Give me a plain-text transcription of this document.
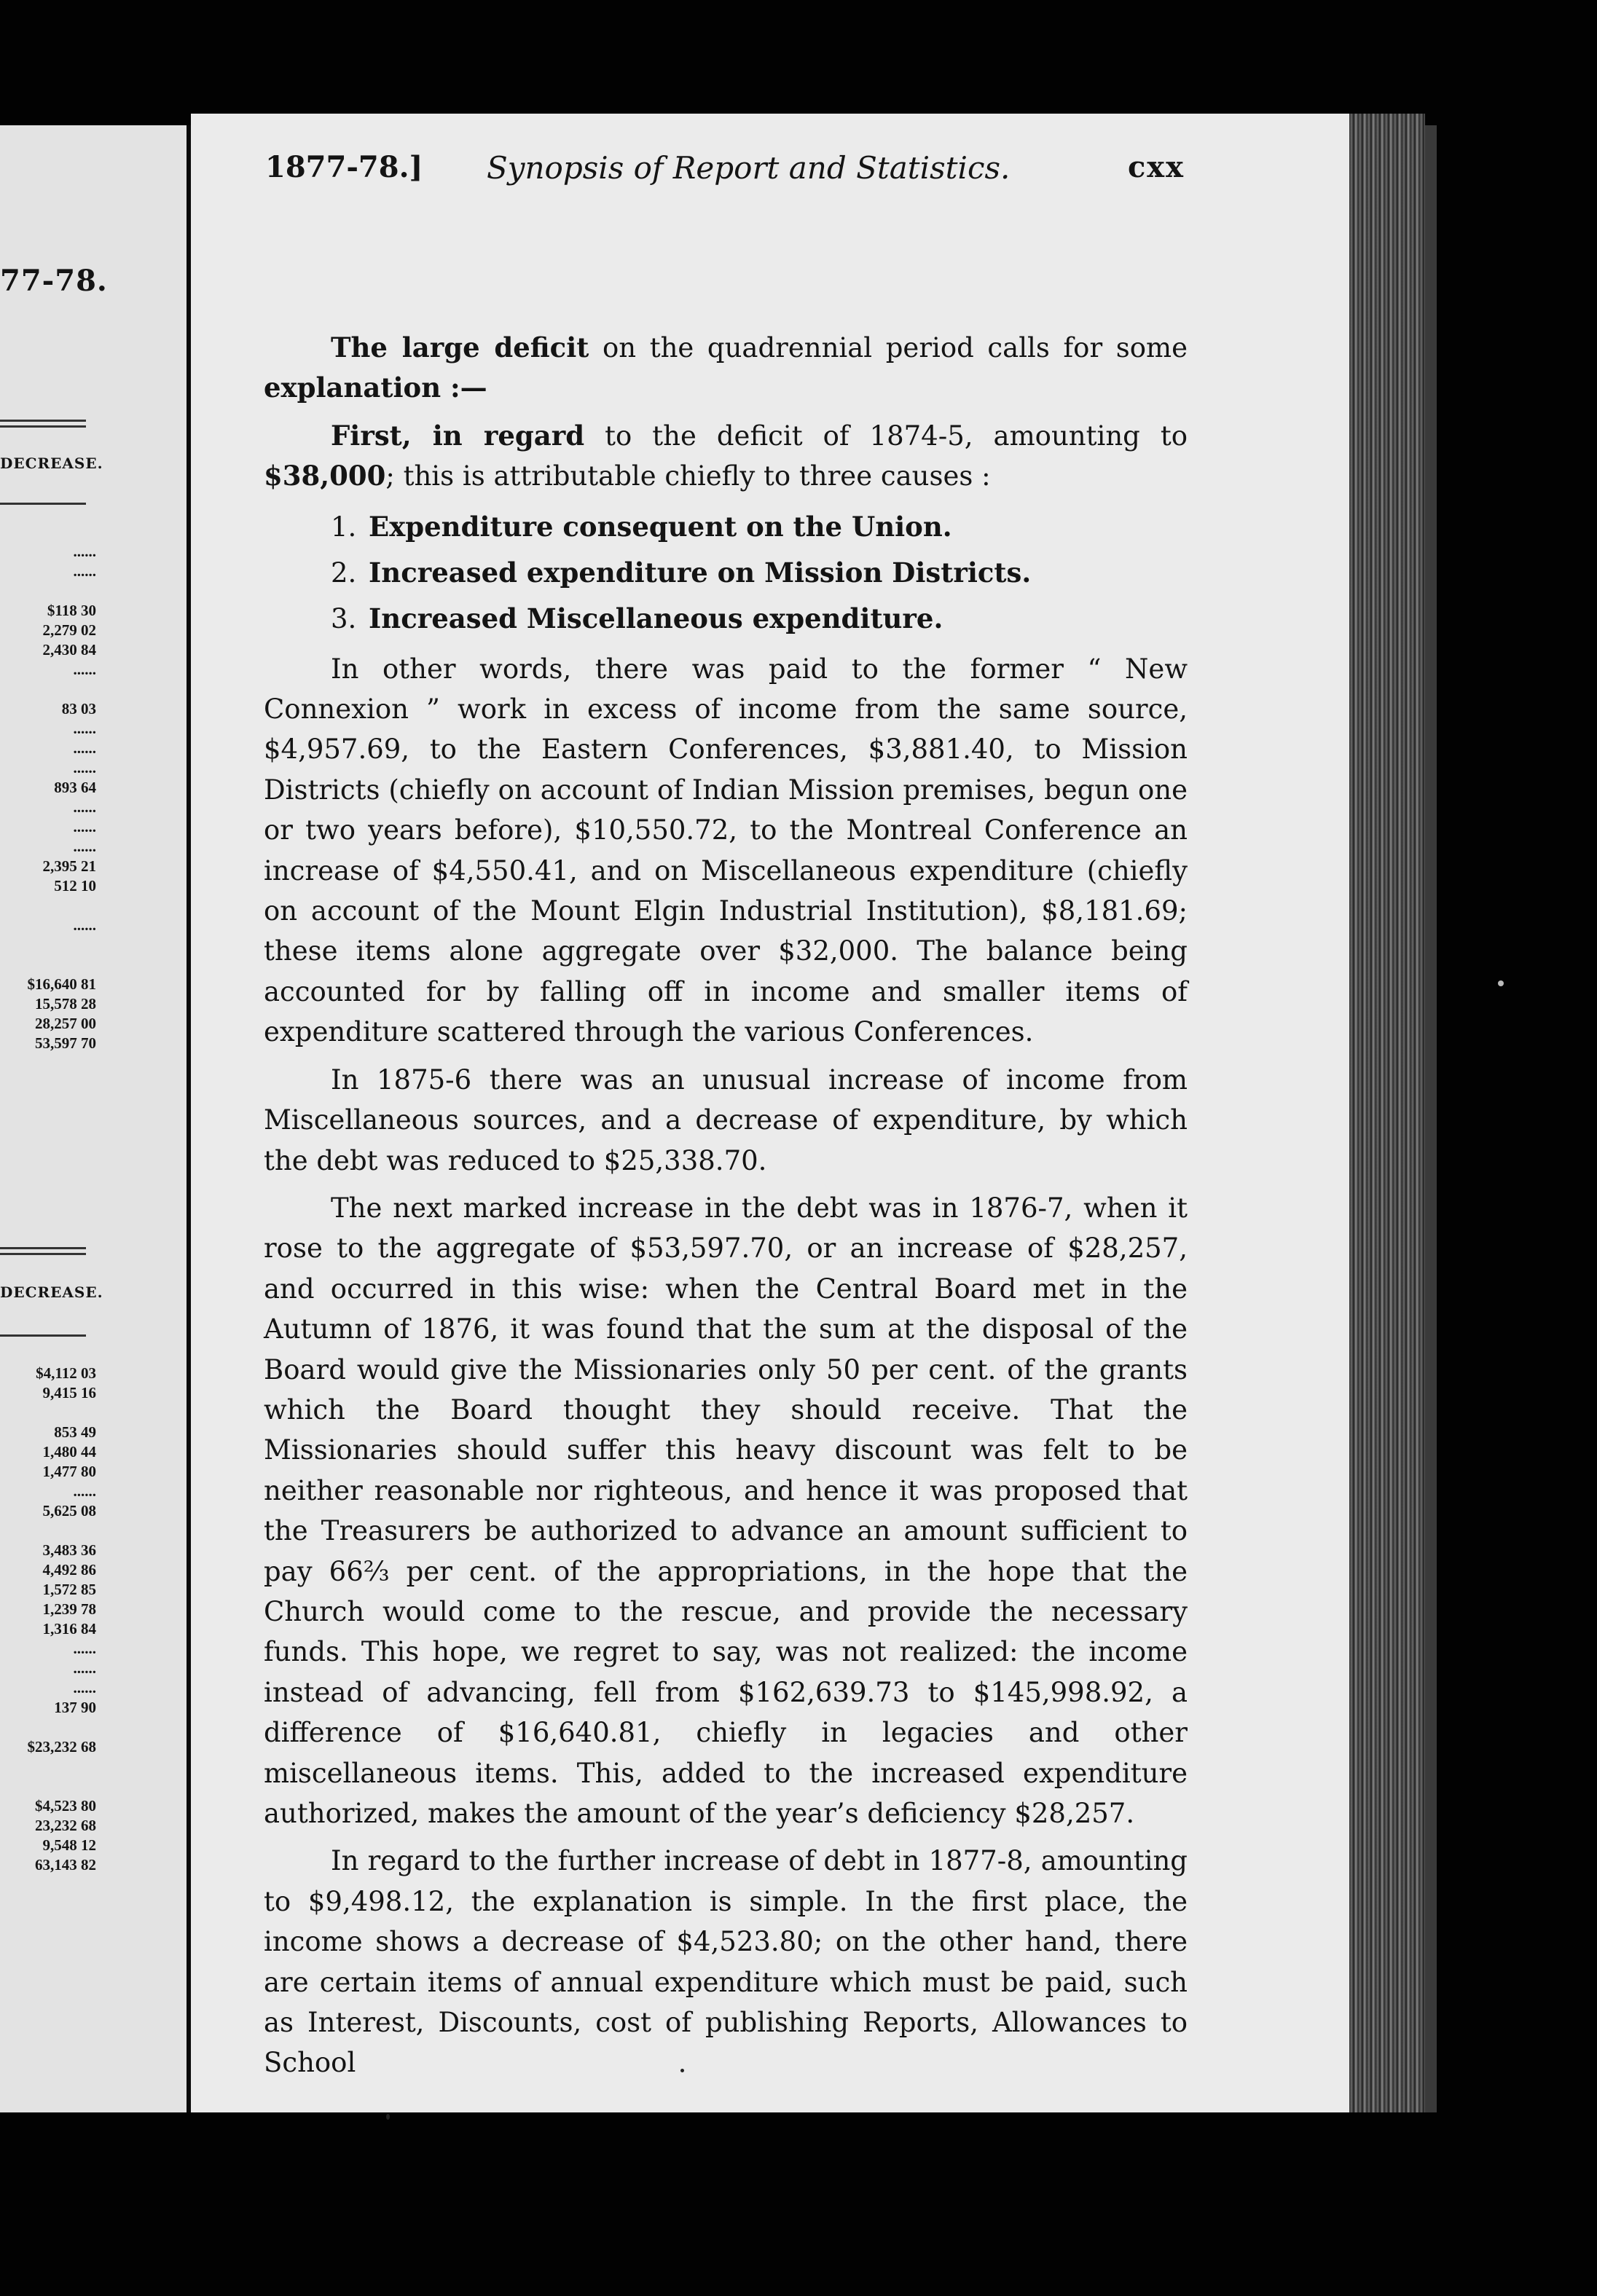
77-78.
DECREASE.
......
......

$118 30
2,279 02
2,430 84
......

83 03
......
......
......
893 64
......
......
......
2,395 21
512 10

......

$16,640 81
15,578 28
28,257 00
53,597 70
DECREASE.
$4,112 03
9,415 16

853 49
1,480 44
1,477 80
......
5,625 08

3,483 36
4,492 86
1,572 85
1,239 78
1,316 84
......
......
......
137 90

$23,232 68

$4,523 80
23,232 68
9,548 12
63,143 82
1877-78.] Synopsis of Report and Statistics.	cxx

The large deficit on the quadrennial period calls for some explanation :—

First, in regard to the deficit of 1874-5, amounting to $38,000; this is attributable chiefly to three causes :

1. Expenditure consequent on the Union.
2. Increased expenditure on Mission Districts.
3. Increased Miscellaneous expenditure.

In other words, there was paid to the former “ New Connexion ” work in excess of income from the same source, $4,957.69, to the Eastern Conferences, $3,881.40, to Mission Districts (chiefly on account of Indian Mission premises, begun one or two years before), $10,550.72, to the Montreal Conference an increase of $4,550.41, and on Miscellaneous expenditure (chiefly on account of the Mount Elgin Industrial Institution), $8,181.69; these items alone aggregate over $32,000. The balance being accounted for by falling off in income and smaller items of expenditure scattered through the various Conferences.

In 1875-6 there was an unusual increase of income from Miscellaneous sources, and a decrease of expenditure, by which the debt was reduced to $25,338.70.

The next marked increase in the debt was in 1876-7, when it rose to the aggregate of $53,597.70, or an increase of $28,257, and occurred in this wise: when the Central Board met in the Autumn of 1876, it was found that the sum at the disposal of the Board would give the Missionaries only 50 per cent. of the grants which the Board thought they should receive. That the Missionaries should suffer this heavy discount was felt to be neither reasonable nor righteous, and hence it was proposed that the Treasurers be authorized to advance an amount sufficient to pay 66⅔ per cent. of the appropriations, in the hope that the Church would come to the rescue, and provide the necessary funds. This hope, we regret to say, was not realized: the income instead of advancing, fell from $162,639.73 to $145,998.92, a difference of $16,640.81, chiefly in legacies and other miscellaneous items. This, added to the increased expenditure authorized, makes the amount of the year’s deficiency $28,257.

In regard to the further increase of debt in 1877-8, amounting to $9,498.12, the explanation is simple. In the first place, the income shows a decrease of $4,523.80; on the other hand, there are certain items of annual expenditure which must be paid, such as Interest, Discounts, cost of publishing Reports, Allowances to School
